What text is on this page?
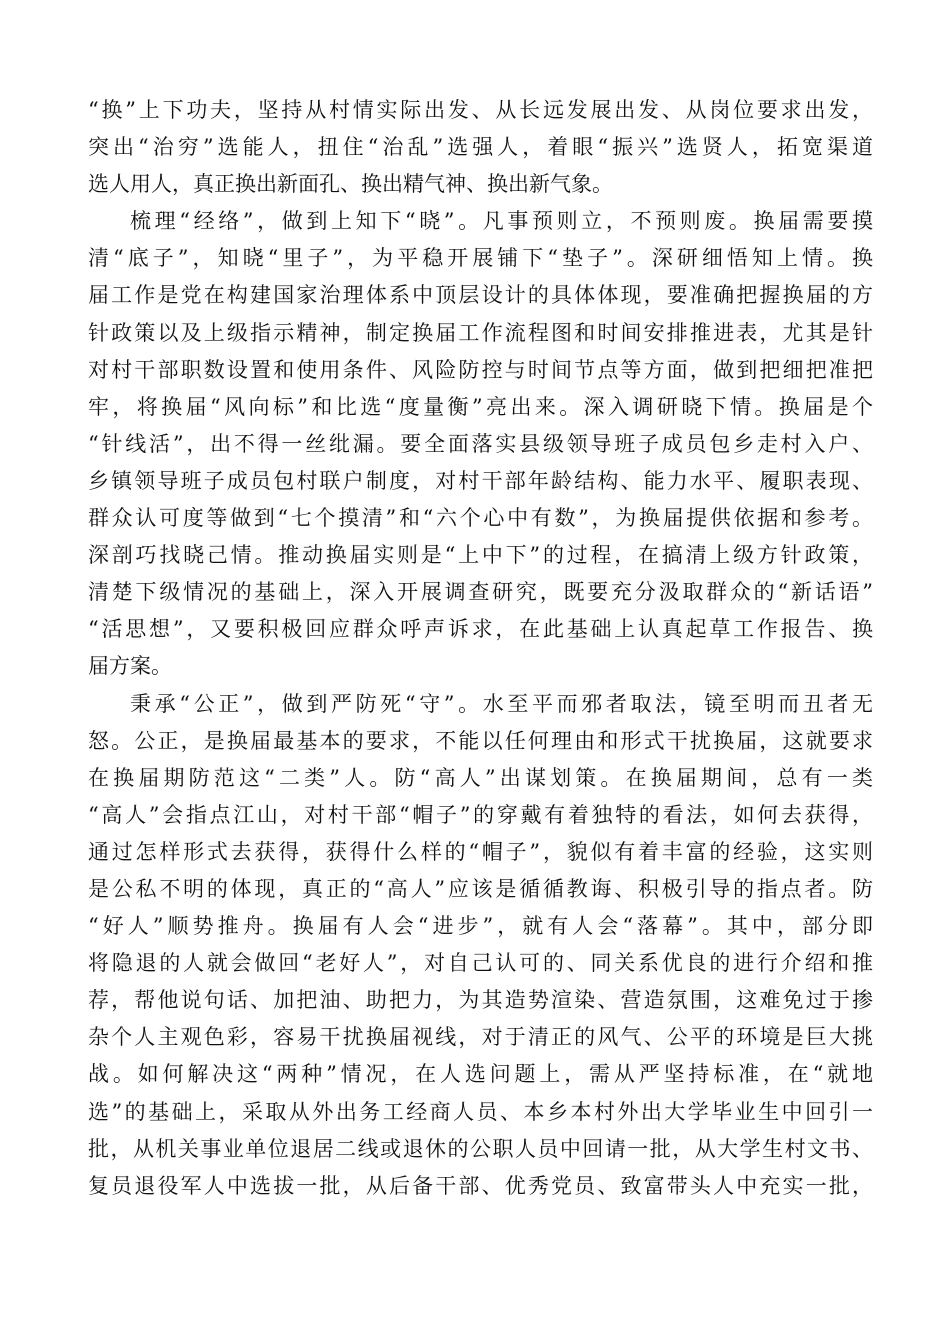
“换”上下功夫，坚持从村情实际出发、从长远发展出发、从岗位要求出发，
突出“治穷”选能人，扭住“治乱”选强人，着眼“振兴”选贤人，拓宽渠道
选人用人，真正换出新面孔、换出精气神、换出新气象。
梳理“经络”，做到上知下“晓”。凡事预则立，不预则废。换届需要摸
清“底子”，知晓“里子”，为平稳开展铺下“垫子”。深研细悟知上情。换
届工作是党在构建国家治理体系中顶层设计的具体体现，要准确把握换届的方
针政策以及上级指示精神，制定换届工作流程图和时间安排推进表，尤其是针
对村干部职数设置和使用条件、风险防控与时间节点等方面，做到把细把准把
牢，将换届“风向标”和比选“度量衡”亮出来。深入调研晓下情。换届是个
“针线活”，出不得一丝纰漏。要全面落实县级领导班子成员包乡走村入户、
乡镇领导班子成员包村联户制度，对村干部年龄结构、能力水平、履职表现、
群众认可度等做到“七个摸清”和“六个心中有数”，为换届提供依据和参考。
深剖巧找晓己情。推动换届实则是“上中下”的过程，在搞清上级方针政策，
清楚下级情况的基础上，深入开展调查研究，既要充分汲取群众的“新话语”
“活思想”，又要积极回应群众呼声诉求，在此基础上认真起草工作报告、换
届方案。
秉承“公正”，做到严防死“守”。水至平而邪者取法，镜至明而丑者无
怒。公正，是换届最基本的要求，不能以任何理由和形式干扰换届，这就要求
在换届期防范这“二类”人。防“高人”出谋划策。在换届期间，总有一类
“高人”会指点江山，对村干部“帽子”的穿戴有着独特的看法，如何去获得，
通过怎样形式去获得，获得什么样的“帽子”，貌似有着丰富的经验，这实则
是公私不明的体现，真正的“高人”应该是循循教诲、积极引导的指点者。防
“好人”顺势推舟。换届有人会“进步”，就有人会“落幕”。其中，部分即
将隐退的人就会做回“老好人”，对自己认可的、同关系优良的进行介绍和推
荐，帮他说句话、加把油、助把力，为其造势渲染、营造氛围，这难免过于掺
杂个人主观色彩，容易干扰换届视线，对于清正的风气、公平的环境是巨大挑
战。如何解决这“两种”情况，在人选问题上，需从严坚持标准，在“就地
选”的基础上，采取从外出务工经商人员、本乡本村外出大学毕业生中回引一
批，从机关事业单位退居二线或退休的公职人员中回请一批，从大学生村文书、
复员退役军人中选拔一批，从后备干部、优秀党员、致富带头人中充实一批，
